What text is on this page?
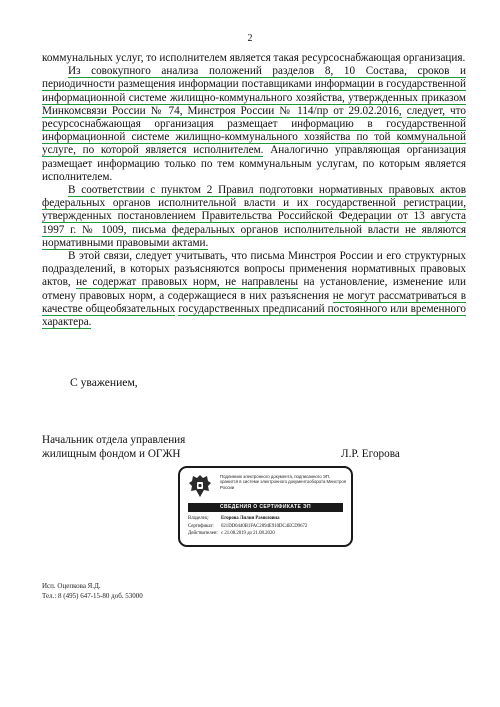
2

коммунальных услуг, то исполнителем является такая ресурсоснабжающая организация.

Из совокупного анализа положений разделов 8, 10 Состава, сроков и периодичности размещения информации поставщиками информации в государственной информационной системе жилищно-коммунального хозяйства, утвержденных приказом Минкомсвязи России № 74, Минстроя России № 114/пр от 29.02.2016, следует, что ресурсоснабжающая организация размещает информацию в государственной информационной системе жилищно-коммунального хозяйства по той коммунальной услуге, по которой является исполнителем. Аналогично управляющая организация размещает информацию только по тем коммунальным услугам, по которым является исполнителем.

В соответствии с пунктом 2 Правил подготовки нормативных правовых актов федеральных органов исполнительной власти и их государственной регистрации, утвержденных постановлением Правительства Российской Федерации от 13 августа 1997 г. № 1009, письма федеральных органов исполнительной власти не являются нормативными правовыми актами.

В этой связи, следует учитывать, что письма Минстроя России и его структурных подразделений, в которых разъясняются вопросы применения нормативных правовых актов, не содержат правовых норм, не направлены на установление, изменение или отмену правовых норм, а содержащиеся в них разъяснения не могут рассматриваться в качестве общеобязательных государственных предписаний постоянного или временного характера.

С уважением,
Начальник отдела управления
жилищным фондом и ОГЖН	Л.Р. Егорова
Подлинник электронного документа, подписанного ЭП, хранится в системе электронного документооборота Минстроя России
СВЕДЕНИЯ О СЕРТИФИКАТЕ ЭП
Владелец:	Егорова Лилия Рамиловна
Сертификат: 021DD0440B1FAC2894E910DC4ECD9672
Действителен: с 21.08.2019 до 21.08.2020
Исп. Оцепкова Я.Д.
Тел.: 8 (495) 647-15-80 доб. 53000
